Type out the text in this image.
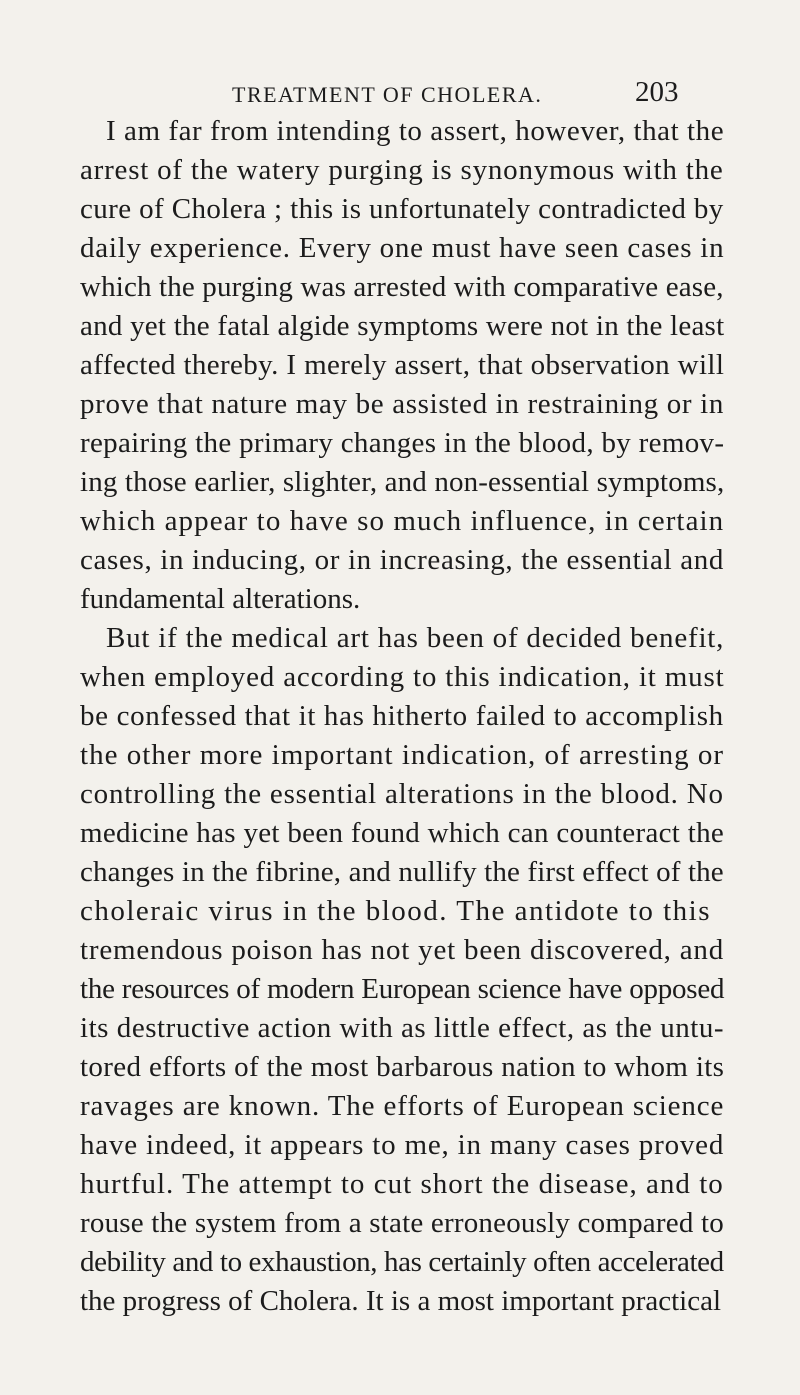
TREATMENT OF CHOLERA.	203
I am far from intending to assert, however, that the
arrest of the watery purging is synonymous with the
cure of Cholera ; this is unfortunately contradicted by
daily experience. Every one must have seen cases in
which the purging was arrested with comparative ease,
and yet the fatal algide symptoms were not in the least
affected thereby. I merely assert, that observation will
prove that nature may be assisted in restraining or in
repairing the primary changes in the blood, by remov-
ing those earlier, slighter, and non-essential symptoms,
which appear to have so much influence, in certain
cases, in inducing, or in increasing, the essential and
fundamental alterations.
But if the medical art has been of decided benefit,
when employed according to this indication, it must
be confessed that it has hitherto failed to accomplish
the other more important indication, of arresting or
controlling the essential alterations in the blood. No
medicine has yet been found which can counteract the
changes in the fibrine, and nullify the first effect of the
choleraic virus in the blood. The antidote to this
tremendous poison has not yet been discovered, and
the resources of modern European science have opposed
its destructive action with as little effect, as the untu-
tored efforts of the most barbarous nation to whom its
ravages are known. The efforts of European science
have indeed, it appears to me, in many cases proved
hurtful. The attempt to cut short the disease, and to
rouse the system from a state erroneously compared to
debility and to exhaustion, has certainly often accelerated
the progress of Cholera. It is a most important practical
